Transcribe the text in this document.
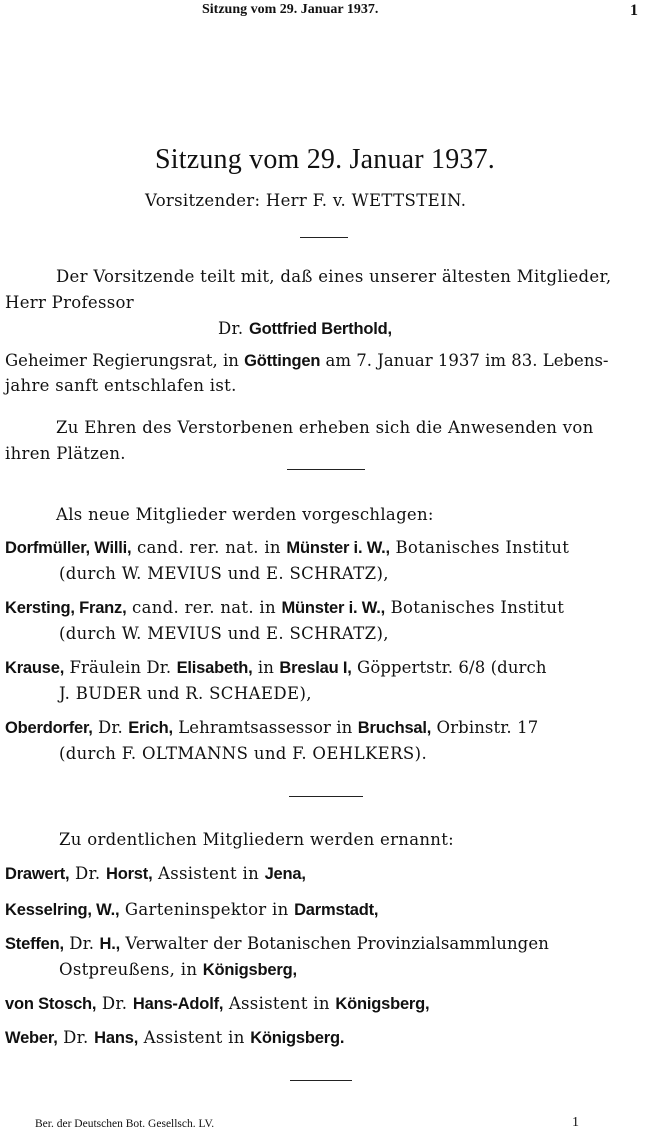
Sitzung vom 29. Januar 1937.	1
Sitzung vom 29. Januar 1937.
Vorsitzender: Herr F. v. WETTSTEIN.
Der Vorsitzende teilt mit, daß eines unserer ältesten Mitglieder,
Herr Professor
Dr. Gottfried Berthold,
Geheimer Regierungsrat, in Göttingen am 7. Januar 1937 im 83. Lebens-
jahre sanft entschlafen ist.
Zu Ehren des Verstorbenen erheben sich die Anwesenden von
ihren Plätzen.
Als neue Mitglieder werden vorgeschlagen:
Dorfmüller, Willi, cand. rer. nat. in Münster i. W., Botanisches Institut
(durch W. MEVIUS und E. SCHRATZ),
Kersting, Franz, cand. rer. nat. in Münster i. W., Botanisches Institut
(durch W. MEVIUS und E. SCHRATZ),
Krause, Fräulein Dr. Elisabeth, in Breslau I, Göppertstr. 6/8 (durch
J. BUDER und R. SCHAEDE),
Oberdorfer, Dr. Erich, Lehramtsassessor in Bruchsal, Orbinstr. 17
(durch F. OLTMANNS und F. OEHLKERS).
Zu ordentlichen Mitgliedern werden ernannt:
Drawert, Dr. Horst, Assistent in Jena,
Kesselring, W., Garteninspektor in Darmstadt,
Steffen, Dr. H., Verwalter der Botanischen Provinzialsammlungen
Ostpreußens, in Königsberg,
von Stosch, Dr. Hans-Adolf, Assistent in Königsberg,
Weber, Dr. Hans, Assistent in Königsberg.
Ber. der Deutschen Bot. Gesellsch. LV.	1
